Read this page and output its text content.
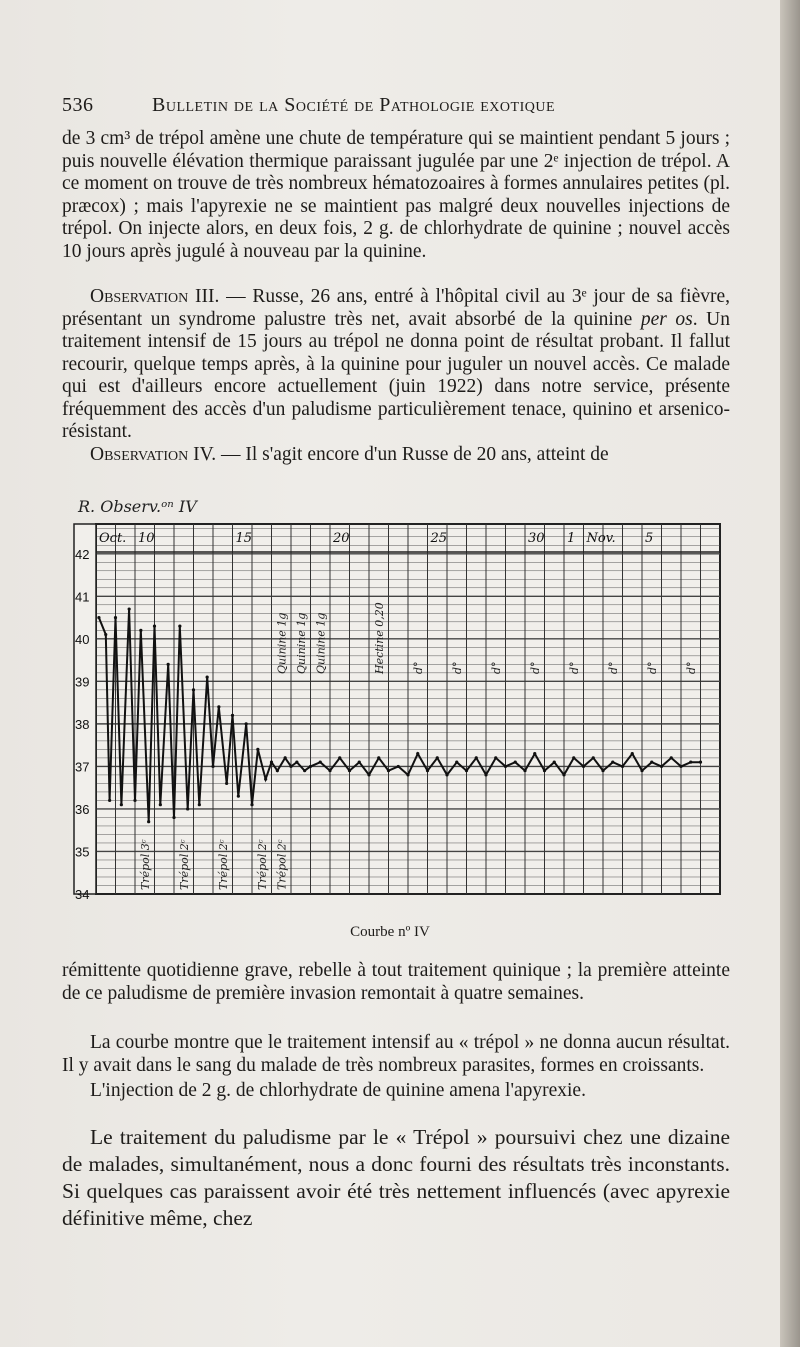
536	Bulletin de la Société de Pathologie exotique

de 3 cm³ de trépol amène une chute de température qui se maintient pendant 5 jours ; puis nouvelle élévation thermique paraissant jugulée par une 2ᵉ injection de trépol. A ce moment on trouve de très nombreux hématozoaires à formes annulaires petites (pl. præcox) ; mais l'apyrexie ne se maintient pas malgré deux nouvelles injections de trépol. On injecte alors, en deux fois, 2 g. de chlorhydrate de quinine ; nouvel accès 10 jours après jugulé à nouveau par la quinine.

Observation III. — Russe, 26 ans, entré à l'hôpital civil au 3ᵉ jour de sa fièvre, présentant un syndrome palustre très net, avait absorbé de la quinine per os. Un traitement intensif de 15 jours au trépol ne donna point de résultat probant. Il fallut recourir, quelque temps après, à la quinine pour juguler un nouvel accès. Ce malade qui est d'ailleurs encore actuellement (juin 1922) dans notre service, présente fréquemment des accès d'un paludisme particulièrement tenace, quinino et arsenico-résistant.

Observation IV. — Il s'agit encore d'un Russe de 20 ans, atteint de

R. Observ.ᵒⁿ IV
42
41
40
39
38
37
36
35
34
Oct. 10	15	20	25	30 1 Nov. 5
Trépol 3ᶜ Trépol 2ᶜ Trépol 2ᶜ Trépol 2ᶜ Trépol 2ᶜ
Quinine 1g Quinine 1g Quinine 1g	Hectine 0,20 d° d° d° d° d° d° d° d°
Courbe nº IV

rémittente quotidienne grave, rebelle à tout traitement quinique ; la première atteinte de ce paludisme de première invasion remontait à quatre semaines.

La courbe montre que le traitement intensif au « trépol » ne donna aucun résultat. Il y avait dans le sang du malade de très nombreux parasites, formes en croissants.

L'injection de 2 g. de chlorhydrate de quinine amena l'apyrexie.

Le traitement du paludisme par le « Trépol » poursuivi chez une dizaine de malades, simultanément, nous a donc fourni des résultats très inconstants. Si quelques cas paraissent avoir été très nettement influencés (avec apyrexie définitive même, chez
